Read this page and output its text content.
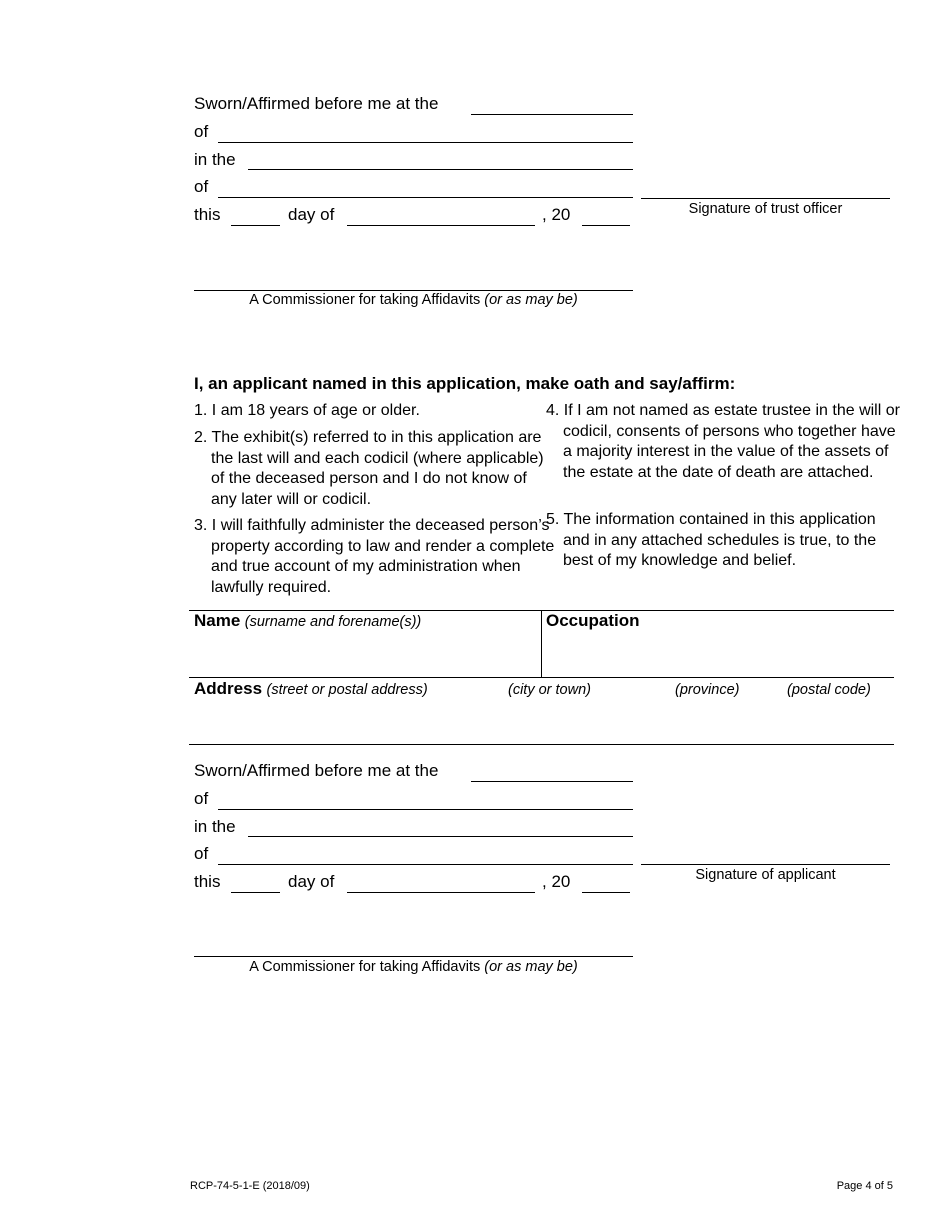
Sworn/Affirmed before me at the
of
in the
of
this	day of	, 20	Signature of trust officer
A Commissioner for taking Affidavits (or as may be)
I, an applicant named in this application, make oath and say/affirm:
1. I am 18 years of age or older.
2. The exhibit(s) referred to in this application are the last will and each codicil (where applicable) of the deceased person and I do not know of any later will or codicil.
3. I will faithfully administer the deceased person’s property according to law and render a complete and true account of my administration when lawfully required.
4. If I am not named as estate trustee in the will or codicil, consents of persons who together have a majority interest in the value of the assets of the estate at the date of death are attached.
5. The information contained in this application and in any attached schedules is true, to the best of my knowledge and belief.
Name (surname and forename(s))	Occupation
Address (street or postal address)	(city or town)	(province)	(postal code)
Sworn/Affirmed before me at the
of
in the
of
this	day of	, 20	Signature of applicant
A Commissioner for taking Affidavits (or as may be)
RCP-74-5-1-E (2018/09)	Page 4 of 5
